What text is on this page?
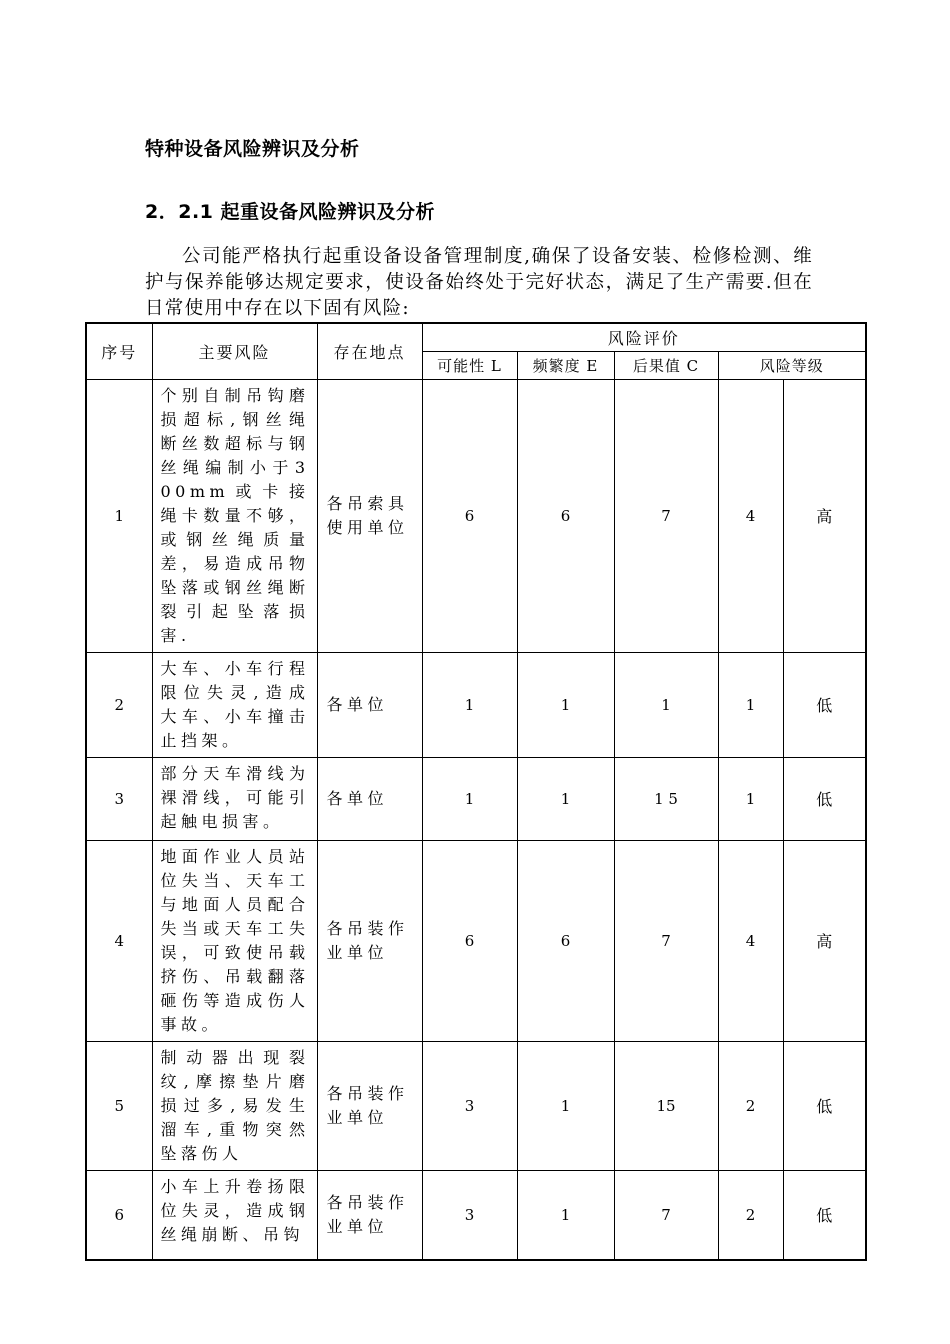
特种设备风险辨识及分析
2．2.1 起重设备风险辨识及分析
公司能严格执行起重设备设备管理制度,确保了设备安装、检修检测、维护与保养能够达规定要求，使设备始终处于完好状态，满足了生产需要.但在日常使用中存在以下固有风险:
序号	主要风险	存在地点	风险评价				
			可能性 L	频繁度 E	后果值 C	风险等级	
1	个别自制吊钩磨损超标,钢丝绳断丝数超标与钢丝绳编制小于300mm或卡接绳卡数量不够，或钢丝绳质量差，易造成吊物坠落或钢丝绳断裂引起坠落损害.	各吊索具使用单位	6	6	7	4	高
2	大车、小车行程限位失灵,造成大车、小车撞击止挡架。	各单位	1	1	1	1	低
3	部分天车滑线为裸滑线，可能引起触电损害。	各单位	1	1	1 5	1	低
4	地面作业人员站位失当、天车工与地面人员配合失当或天车工失误，可致使吊载挤伤、吊载翻落砸伤等造成伤人事故。	各吊装作业单位	6	6	7	4	高
5	制动器出现裂纹,摩擦垫片磨损过多,易发生溜车,重物突然坠落伤人	各吊装作业单位	3	1	15	2	低
6	小车上升卷扬限位失灵，造成钢丝绳崩断、吊钩	各吊装作业单位	3	1	7	2	低
